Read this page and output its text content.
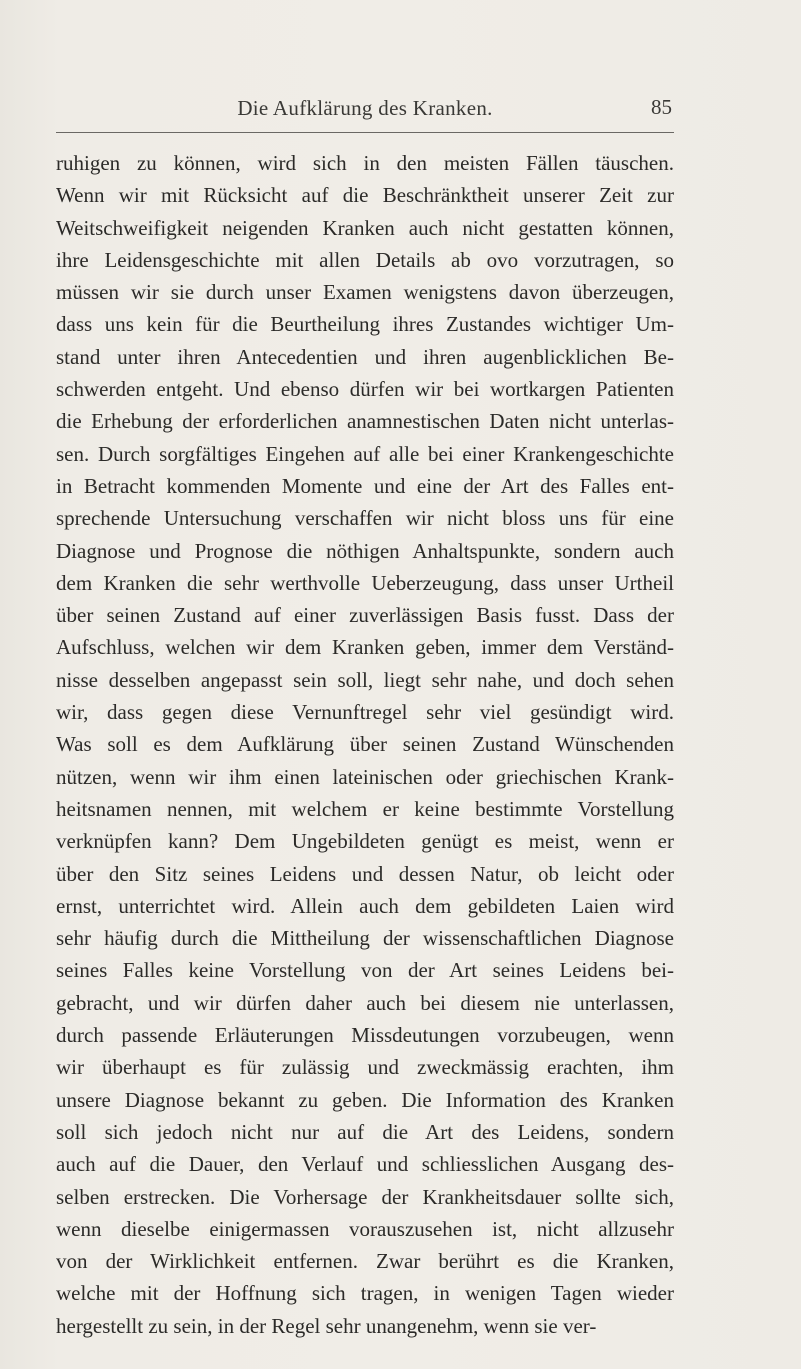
Die Aufklärung des Kranken.	85
ruhigen zu können, wird sich in den meisten Fällen täuschen.
Wenn wir mit Rücksicht auf die Beschränktheit unserer Zeit zur
Weitschweifigkeit neigenden Kranken auch nicht gestatten können,
ihre Leidensgeschichte mit allen Details ab ovo vorzutragen, so
müssen wir sie durch unser Examen wenigstens davon überzeugen,
dass uns kein für die Beurtheilung ihres Zustandes wichtiger Um-
stand unter ihren Antecedentien und ihren augenblicklichen Be-
schwerden entgeht. Und ebenso dürfen wir bei wortkargen Patienten
die Erhebung der erforderlichen anamnestischen Daten nicht unterlas-
sen. Durch sorgfältiges Eingehen auf alle bei einer Krankengeschichte
in Betracht kommenden Momente und eine der Art des Falles ent-
sprechende Untersuchung verschaffen wir nicht bloss uns für eine
Diagnose und Prognose die nöthigen Anhaltspunkte, sondern auch
dem Kranken die sehr werthvolle Ueberzeugung, dass unser Urtheil
über seinen Zustand auf einer zuverlässigen Basis fusst. Dass der
Aufschluss, welchen wir dem Kranken geben, immer dem Verständ-
nisse desselben angepasst sein soll, liegt sehr nahe, und doch sehen
wir, dass gegen diese Vernunftregel sehr viel gesündigt wird.
Was soll es dem Aufklärung über seinen Zustand Wünschenden
nützen, wenn wir ihm einen lateinischen oder griechischen Krank-
heitsnamen nennen, mit welchem er keine bestimmte Vorstellung
verknüpfen kann? Dem Ungebildeten genügt es meist, wenn er
über den Sitz seines Leidens und dessen Natur, ob leicht oder
ernst, unterrichtet wird. Allein auch dem gebildeten Laien wird
sehr häufig durch die Mittheilung der wissenschaftlichen Diagnose
seines Falles keine Vorstellung von der Art seines Leidens bei-
gebracht, und wir dürfen daher auch bei diesem nie unterlassen,
durch passende Erläuterungen Missdeutungen vorzubeugen, wenn
wir überhaupt es für zulässig und zweckmässig erachten, ihm
unsere Diagnose bekannt zu geben. Die Information des Kranken
soll sich jedoch nicht nur auf die Art des Leidens, sondern
auch auf die Dauer, den Verlauf und schliesslichen Ausgang des-
selben erstrecken. Die Vorhersage der Krankheitsdauer sollte sich,
wenn dieselbe einigermassen vorauszusehen ist, nicht allzusehr
von der Wirklichkeit entfernen. Zwar berührt es die Kranken,
welche mit der Hoffnung sich tragen, in wenigen Tagen wieder
hergestellt zu sein, in der Regel sehr unangenehm, wenn sie ver-
